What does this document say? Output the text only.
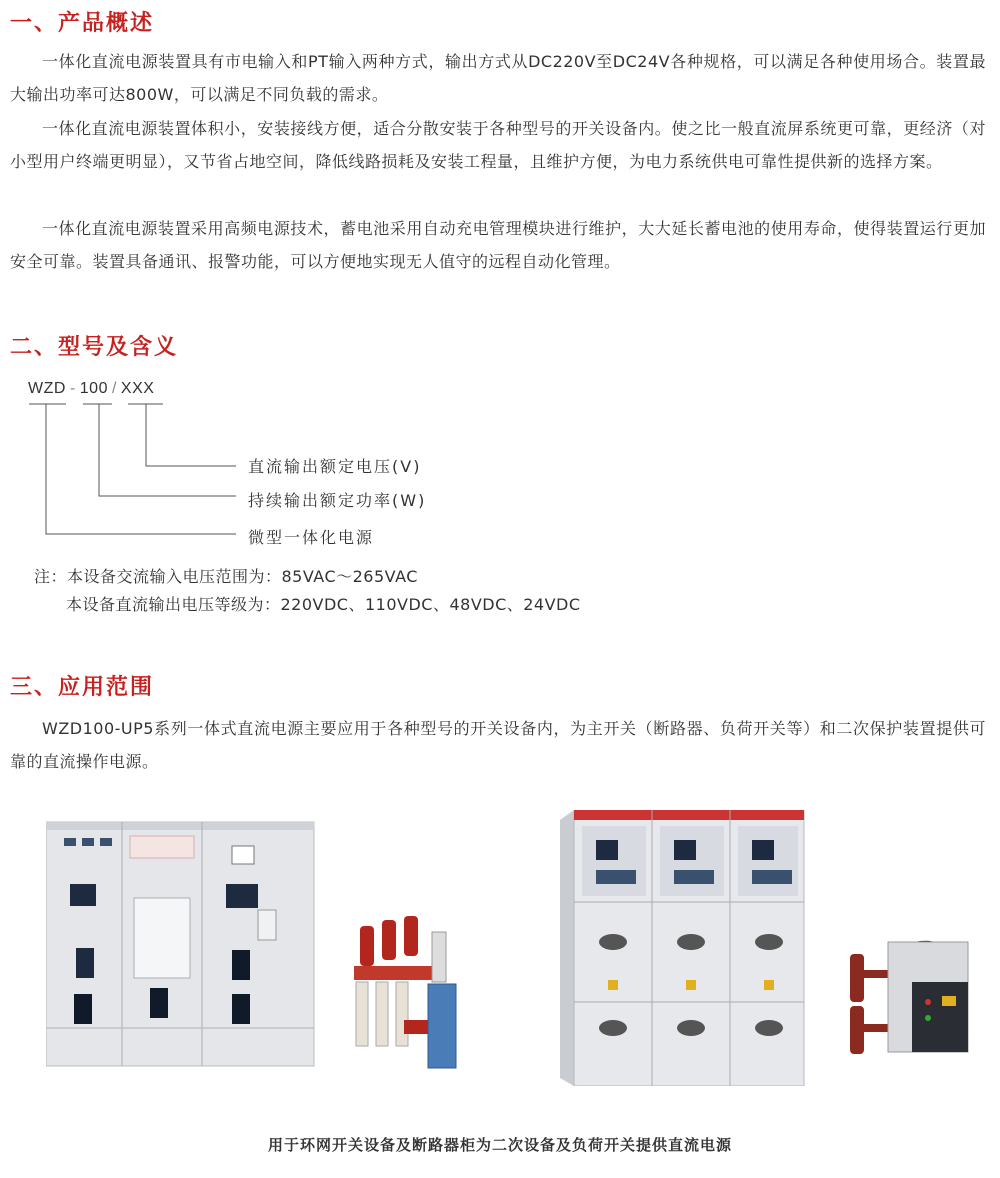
一、产品概述

一体化直流电源装置具有市电输入和PT输入两种方式，输出方式从DC220V至DC24V各种规格，可以满足各种使用场合。装置最大输出功率可达800W，可以满足不同负载的需求。

一体化直流电源装置体积小，安装接线方便，适合分散安装于各种型号的开关设备内。使之比一般直流屏系统更可靠，更经济（对小型用户终端更明显），又节省占地空间，降低线路损耗及安装工程量，且维护方便，为电力系统供电可靠性提供新的选择方案。

一体化直流电源装置采用高频电源技术，蓄电池采用自动充电管理模块进行维护，大大延长蓄电池的使用寿命，使得装置运行更加安全可靠。装置具备通讯、报警功能，可以方便地实现无人值守的远程自动化管理。

二、型号及含义
WZD - 100 / XXX
直流输出额定电压(V)
持续输出额定功率(W)
微型一体化电源
注：本设备交流输入电压范围为：85VAC～265VAC
本设备直流输出电压等级为：220VDC、110VDC、48VDC、24VDC
三、应用范围

WZD100-UP5系列一体式直流电源主要应用于各种型号的开关设备内，为主开关（断路器、负荷开关等）和二次保护装置提供可靠的直流操作电源。

用于环网开关设备及断路器柜为二次设备及负荷开关提供直流电源
